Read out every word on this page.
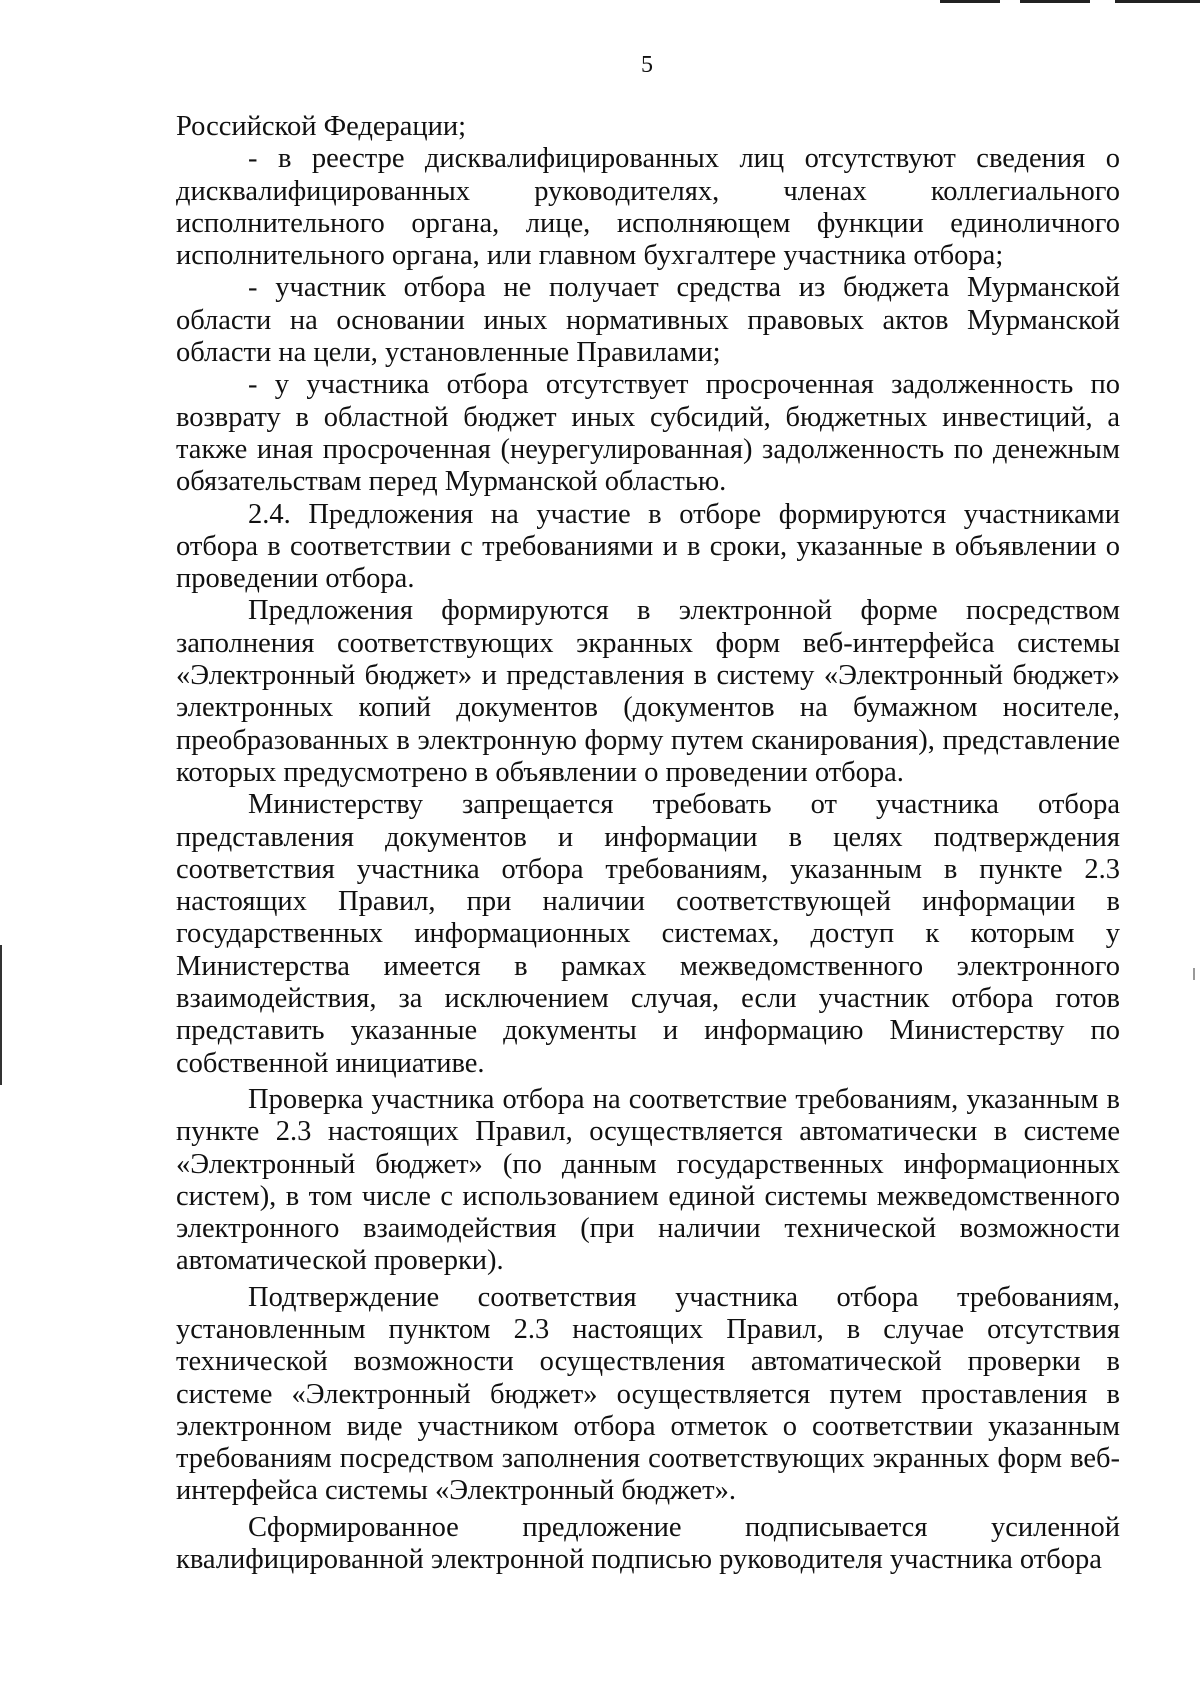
5

Российской Федерации;

- в реестре дисквалифицированных лиц отсутствуют сведения о дисквалифицированных руководителях, членах коллегиального исполнительного органа, лице, исполняющем функции единоличного исполнительного органа, или главном бухгалтере участника отбора;

- участник отбора не получает средства из бюджета Мурманской области на основании иных нормативных правовых актов Мурманской области на цели, установленные Правилами;

- у участника отбора отсутствует просроченная задолженность по возврату в областной бюджет иных субсидий, бюджетных инвестиций, а также иная просроченная (неурегулированная) задолженность по денежным обязательствам перед Мурманской областью.

2.4. Предложения на участие в отборе формируются участниками отбора в соответствии с требованиями и в сроки, указанные в объявлении о проведении отбора.

Предложения формируются в электронной форме посредством заполнения соответствующих экранных форм веб-интерфейса системы «Электронный бюджет» и представления в систему «Электронный бюджет» электронных копий документов (документов на бумажном носителе, преобразованных в электронную форму путем сканирования), представление которых предусмотрено в объявлении о проведении отбора.

Министерству запрещается требовать от участника отбора представления документов и информации в целях подтверждения соответствия участника отбора требованиям, указанным в пункте 2.3 настоящих Правил, при наличии соответствующей информации в государственных информационных системах, доступ к которым у Министерства имеется в рамках межведомственного электронного взаимодействия, за исключением случая, если участник отбора готов представить указанные документы и информацию Министерству по собственной инициативе.

Проверка участника отбора на соответствие требованиям, указанным в пункте 2.3 настоящих Правил, осуществляется автоматически в системе «Электронный бюджет» (по данным государственных информационных систем), в том числе с использованием единой системы межведомственного электронного взаимодействия (при наличии технической возможности автоматической проверки).

Подтверждение соответствия участника отбора требованиям, установленным пунктом 2.3 настоящих Правил, в случае отсутствия технической возможности осуществления автоматической проверки в системе «Электронный бюджет» осуществляется путем проставления в электронном виде участником отбора отметок о соответствии указанным требованиям посредством заполнения соответствующих экранных форм веб-интерфейса системы «Электронный бюджет».

Сформированное предложение подписывается усиленной квалифицированной электронной подписью руководителя участника отбора
